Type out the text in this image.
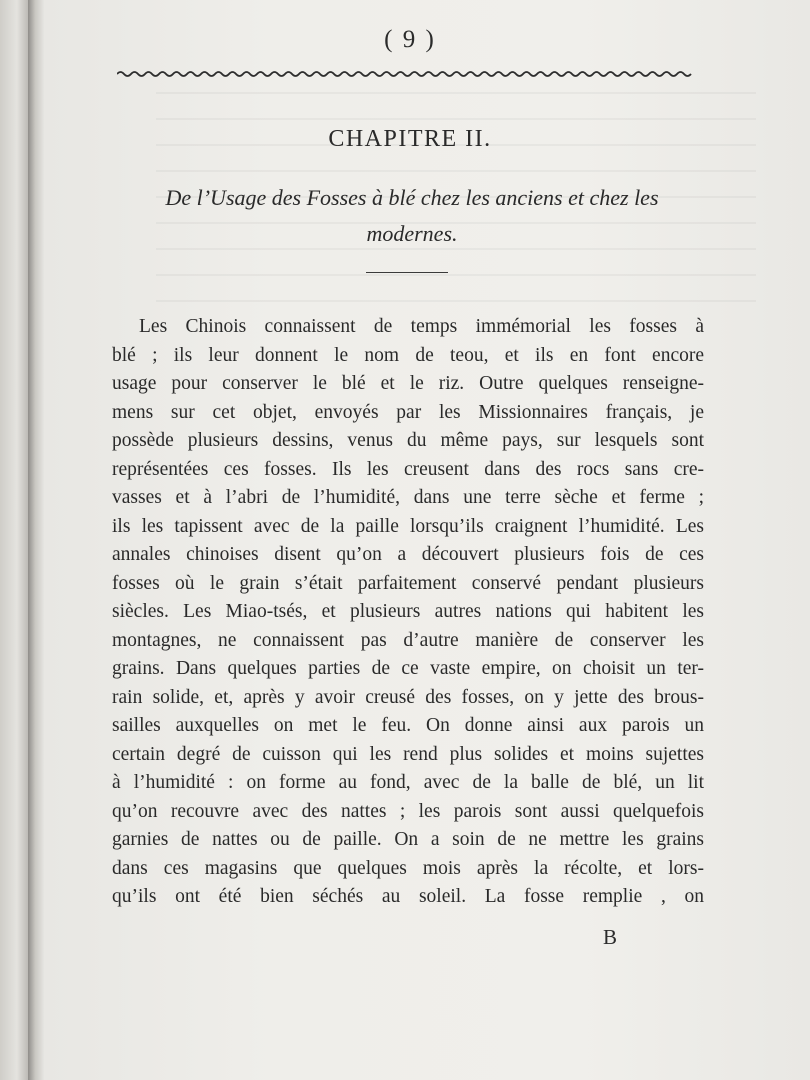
( 9 )
CHAPITRE II.
De l’Usage des Fosses à blé chez les anciens et chez les
modernes.
Les Chinois connaissent de temps immémorial les fosses à
blé ; ils leur donnent le nom de teou, et ils en font encore
usage pour conserver le blé et le riz. Outre quelques renseigne-
mens sur cet objet, envoyés par les Missionnaires français, je
possède plusieurs dessins, venus du même pays, sur lesquels sont
représentées ces fosses. Ils les creusent dans des rocs sans cre-
vasses et à l’abri de l’humidité, dans une terre sèche et ferme ;
ils les tapissent avec de la paille lorsqu’ils craignent l’humidité. Les
annales chinoises disent qu’on a découvert plusieurs fois de ces
fosses où le grain s’était parfaitement conservé pendant plusieurs
siècles. Les Miao-tsés, et plusieurs autres nations qui habitent les
montagnes, ne connaissent pas d’autre manière de conserver les
grains. Dans quelques parties de ce vaste empire, on choisit un ter-
rain solide, et, après y avoir creusé des fosses, on y jette des brous-
sailles auxquelles on met le feu. On donne ainsi aux parois un
certain degré de cuisson qui les rend plus solides et moins sujettes
à l’humidité : on forme au fond, avec de la balle de blé, un lit
qu’on recouvre avec des nattes ; les parois sont aussi quelquefois
garnies de nattes ou de paille. On a soin de ne mettre les grains
dans ces magasins que quelques mois après la récolte, et lors-
qu’ils ont été bien séchés au soleil. La fosse remplie , on
B
